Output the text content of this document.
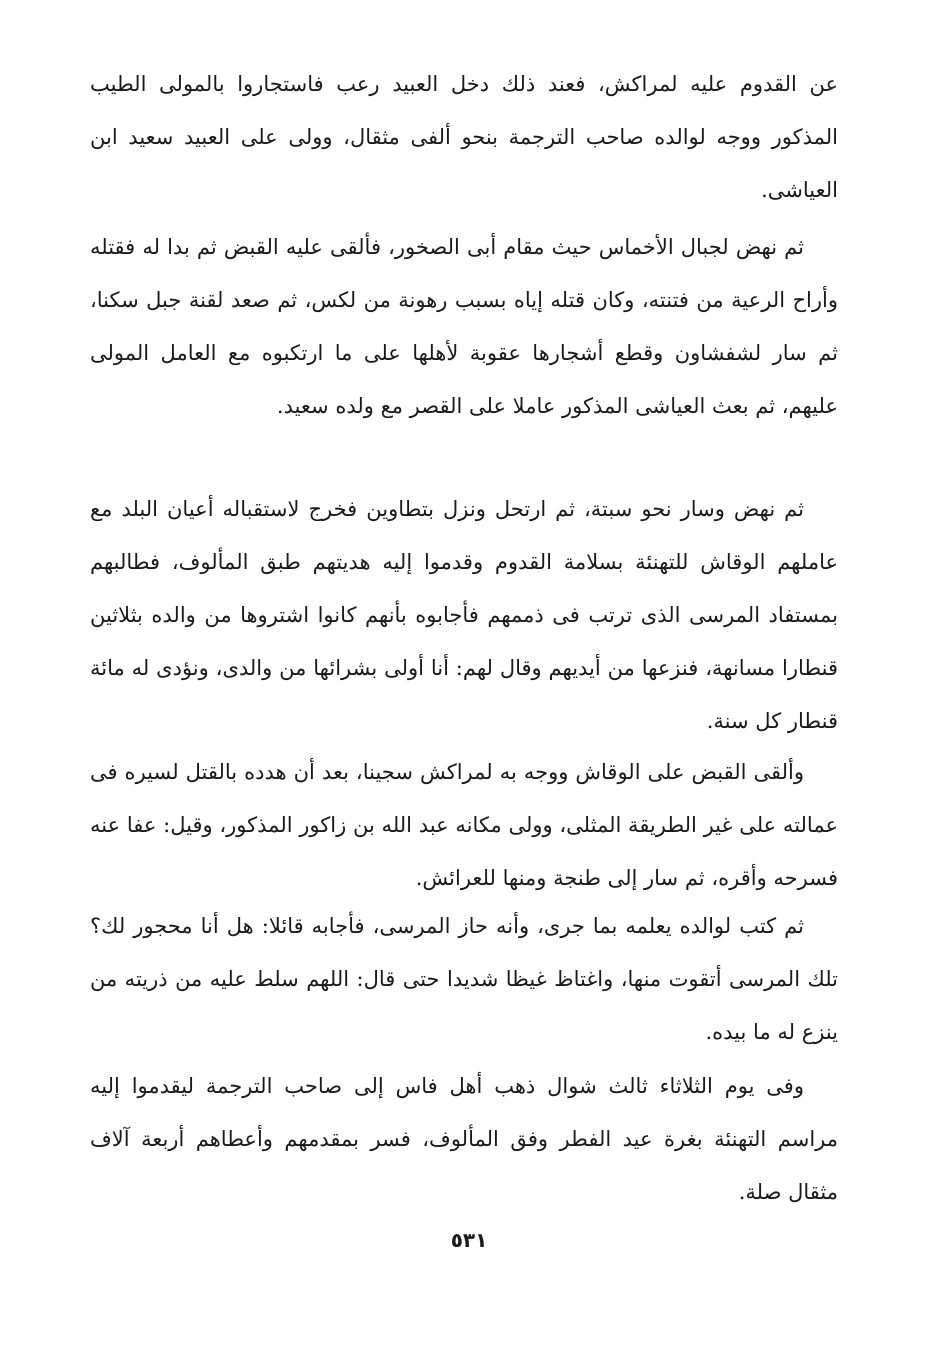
عن القدوم عليه لمراكش، فعند ذلك دخل العبيد رعب فاستجاروا بالمولى الطيب المذكور ووجه لوالده صاحب الترجمة بنحو ألفى مثقال، وولى على العبيد سعيد ابن العياشى.

ثم نهض لجبال الأخماس حيث مقام أبى الصخور، فألقى عليه القبض ثم بدا له فقتله وأراح الرعية من فتنته، وكان قتله إياه بسبب رهونة من لكس، ثم صعد لقنة جبل سكنا، ثم سار لشفشاون وقطع أشجارها عقوبة لأهلها على ما ارتكبوه مع العامل المولى عليهم، ثم بعث العياشى المذكور عاملا على القصر مع ولده سعيد.

ثم نهض وسار نحو سبتة، ثم ارتحل ونزل بتطاوين فخرج لاستقباله أعيان البلد مع عاملهم الوقاش للتهنئة بسلامة القدوم وقدموا إليه هديتهم طبق المألوف، فطالبهم بمستفاد المرسى الذى ترتب فى ذممهم فأجابوه بأنهم كانوا اشتروها من والده بثلاثين قنطارا مسانهة، فنزعها من أيديهم وقال لهم: أنا أولى بشرائها من والدى، ونؤدى له مائة قنطار كل سنة.

وألقى القبض على الوقاش ووجه به لمراكش سجينا، بعد أن هدده بالقتل لسيره فى عمالته على غير الطريقة المثلى، وولى مكانه عبد الله بن زاكور المذكور، وقيل: عفا عنه فسرحه وأقره، ثم سار إلى طنجة ومنها للعرائش.

ثم كتب لوالده يعلمه بما جرى، وأنه حاز المرسى، فأجابه قائلا: هل أنا محجور لك؟ تلك المرسى أتقوت منها، واغتاظ غيظا شديدا حتى قال: اللهم سلط عليه من ذريته من ينزع له ما بيده.

وفى يوم الثلاثاء ثالث شوال ذهب أهل فاس إلى صاحب الترجمة ليقدموا إليه مراسم التهنئة بغرة عيد الفطر وفق المألوف، فسر بمقدمهم وأعطاهم أربعة آلاف مثقال صلة.

٥٣١
